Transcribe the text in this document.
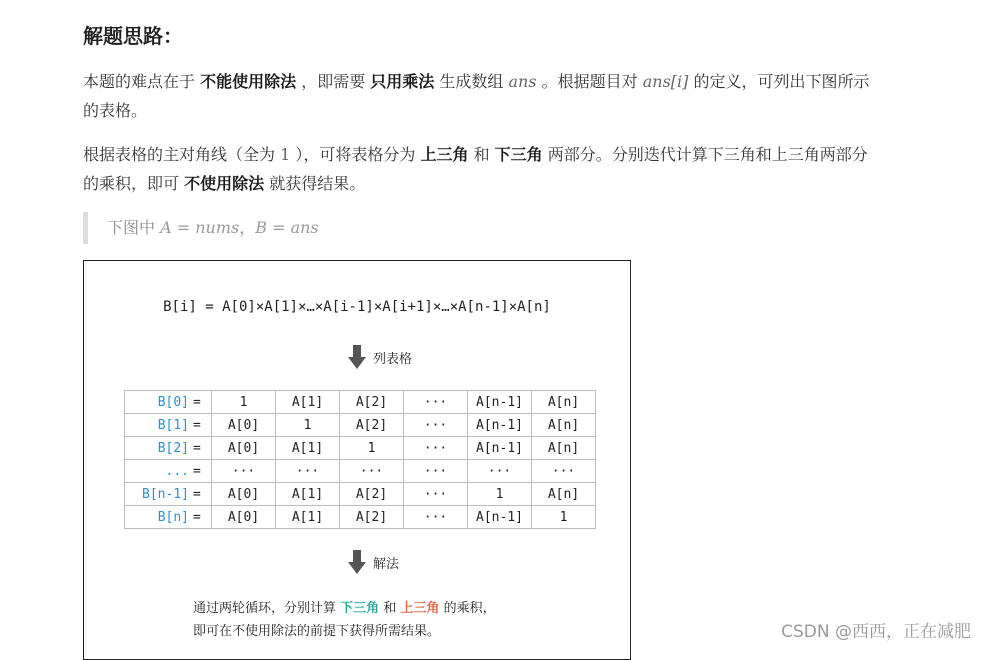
解题思路：

本题的难点在于 不能使用除法 ，即需要 只用乘法 生成数组 ans 。根据题目对 ans[i] 的定义，可列出下图所示的表格。

根据表格的主对角线（全为 1 ），可将表格分为 上三角 和 下三角 两部分。分别迭代计算下三角和上三角两部分的乘积，即可 不使用除法 就获得结果。

下图中 A = nums，B = ans
B[i] = A[0]×A[1]×…×A[i-1]×A[i+1]×…×A[n-1]×A[n]
列表格
B[0]	=	1	A[1]	A[2]	···	A[n-1]	A[n]
B[1]	=	A[0]	1	A[2]	···	A[n-1]	A[n]
B[2]	=	A[0]	A[1]	1	···	A[n-1]	A[n]
...	=	···	···	···	···	···	···
B[n-1]	=	A[0]	A[1]	A[2]	···	1	A[n]
B[n]	=	A[0]	A[1]	A[2]	···	A[n-1]	1
解法
通过两轮循环，分别计算 下三角 和 上三角 的乘积，
即可在不使用除法的前提下获得所需结果。	CSDN @西西，正在减肥
